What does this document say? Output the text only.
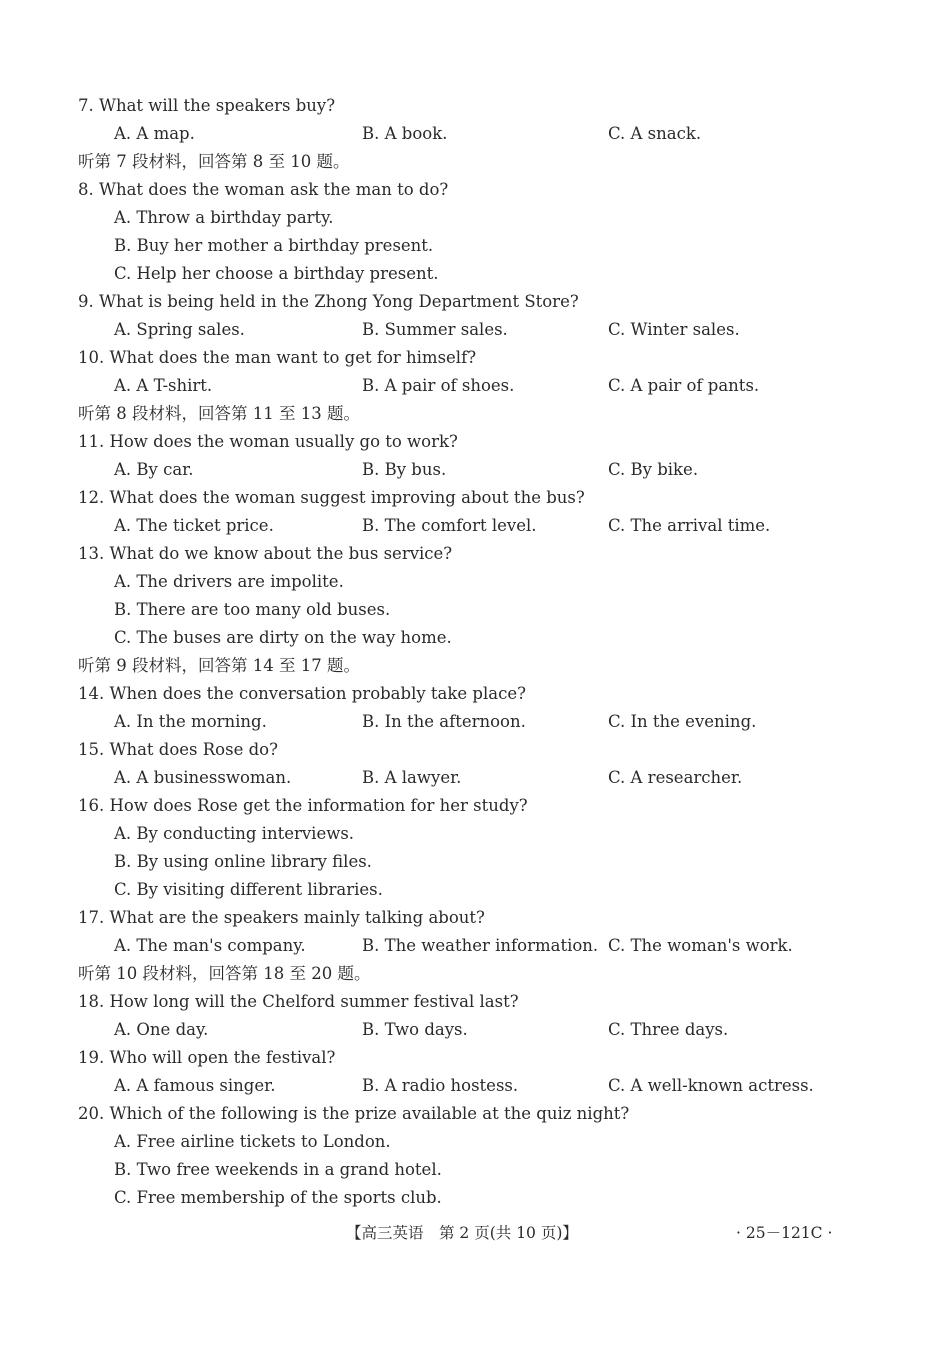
7. What will the speakers buy?
A. A map.	B. A book.	C. A snack.
听第 7 段材料，回答第 8 至 10 题。
8. What does the woman ask the man to do?
A. Throw a birthday party.
B. Buy her mother a birthday present.
C. Help her choose a birthday present.
9. What is being held in the Zhong Yong Department Store?
A. Spring sales.	B. Summer sales.	C. Winter sales.
10. What does the man want to get for himself?
A. A T-shirt.	B. A pair of shoes.	C. A pair of pants.
听第 8 段材料，回答第 11 至 13 题。
11. How does the woman usually go to work?
A. By car.	B. By bus.	C. By bike.
12. What does the woman suggest improving about the bus?
A. The ticket price.	B. The comfort level.	C. The arrival time.
13. What do we know about the bus service?
A. The drivers are impolite.
B. There are too many old buses.
C. The buses are dirty on the way home.
听第 9 段材料，回答第 14 至 17 题。
14. When does the conversation probably take place?
A. In the morning.	B. In the afternoon.	C. In the evening.
15. What does Rose do?
A. A businesswoman.	B. A lawyer.	C. A researcher.
16. How does Rose get the information for her study?
A. By conducting interviews.
B. By using online library files.
C. By visiting different libraries.
17. What are the speakers mainly talking about?
A. The man's company.	B. The weather information. C. The woman's work.
听第 10 段材料，回答第 18 至 20 题。
18. How long will the Chelford summer festival last?
A. One day.	B. Two days.	C. Three days.
19. Who will open the festival?
A. A famous singer.	B. A radio hostess.	C. A well-known actress.
20. Which of the following is the prize available at the quiz night?
A. Free airline tickets to London.
B. Two free weekends in a grand hotel.
C. Free membership of the sports club.
【高三英语　第 2 页(共 10 页)】	· 25－121C ·
